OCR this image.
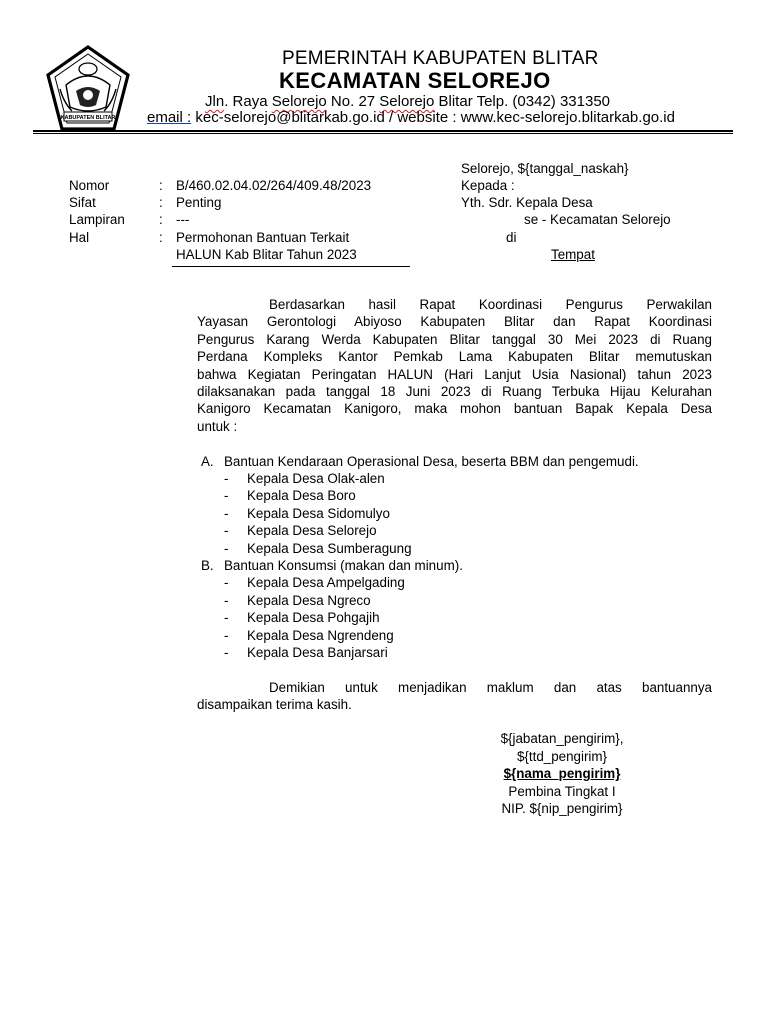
KABUPATEN BLITAR
PEMERINTAH KABUPATEN BLITAR
KECAMATAN SELOREJO
Jln. Raya Selorejo No. 27 Selorejo Blitar Telp. (0342) 331350
email : kec-selorejo@blitarkab.go.id / website : www.kec-selorejo.blitarkab.go.id
Selorejo, ${tanggal_naskah}
Kepada :
Yth. Sdr. Kepala Desa
se - Kecamatan Selorejo
di
Tempat
Nomor	: B/460.02.04.02/264/409.48/2023
Sifat	: Penting
Lampiran	: ---
Hal	: Permohonan Bantuan Terkait
HALUN Kab Blitar Tahun 2023
Berdasarkan hasil Rapat Koordinasi Pengurus Perwakilan
Yayasan Gerontologi Abiyoso Kabupaten Blitar dan Rapat Koordinasi
Pengurus Karang Werda Kabupaten Blitar tanggal 30 Mei 2023 di Ruang
Perdana Kompleks Kantor Pemkab Lama Kabupaten Blitar memutuskan
bahwa Kegiatan Peringatan HALUN (Hari Lanjut Usia Nasional) tahun 2023
dilaksanakan pada tanggal 18 Juni 2023 di Ruang Terbuka Hijau Kelurahan
Kanigoro Kecamatan Kanigoro, maka mohon bantuan Bapak Kepala Desa
untuk :
A. Bantuan Kendaraan Operasional Desa, beserta BBM dan pengemudi.
- Kepala Desa Olak-alen
- Kepala Desa Boro
- Kepala Desa Sidomulyo
- Kepala Desa Selorejo
- Kepala Desa Sumberagung
B. Bantuan Konsumsi (makan dan minum).
- Kepala Desa Ampelgading
- Kepala Desa Ngreco
- Kepala Desa Pohgajih
- Kepala Desa Ngrendeng
- Kepala Desa Banjarsari
Demikian untuk menjadikan maklum dan atas bantuannya
disampaikan terima kasih.
${jabatan_pengirim},
${ttd_pengirim}
${nama_pengirim}
Pembina Tingkat I
NIP. ${nip_pengirim}
